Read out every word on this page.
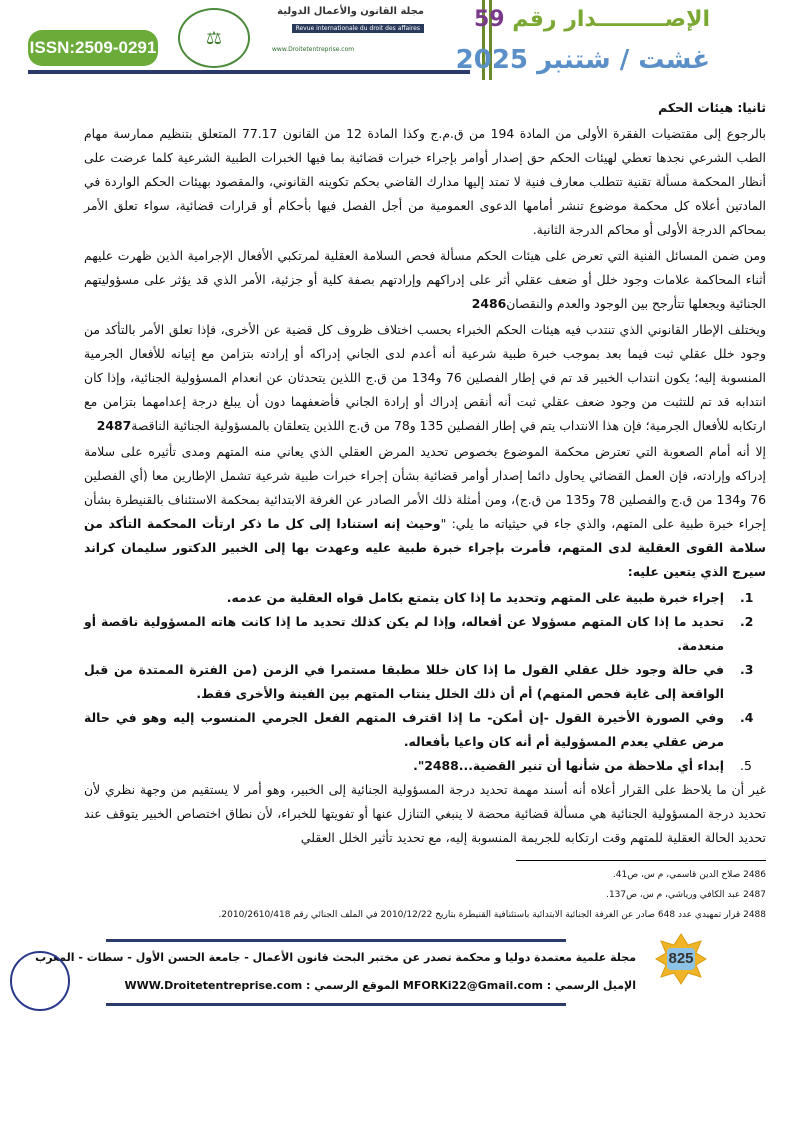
ISSN:2509-0291	⚖
مجلة القانون والأعمال الدولية
Revue internationale du droit des affaires
www.Droitetentreprise.com
الإصـــــــــدار رقم 59
غشت / شتنبر 2025
ثانيا: هيئات الحكم

بالرجوع إلى مقتضيات الفقرة الأولى من المادة 194 من ق.م.ج وكذا المادة 12 من القانون 77.17 المتعلق بتنظيم ممارسة مهام الطب الشرعي نجدها تعطي لهيئات الحكم حق إصدار أوامر بإجراء خبرات قضائية بما فيها الخبرات الطبية الشرعية كلما عرضت على أنظار المحكمة مسألة تقنية تتطلب معارف فنية لا تمتد إليها مدارك القاضي بحكم تكوينه القانوني، والمقصود بهيئات الحكم الواردة في المادتين أعلاه كل محكمة موضوع تنشر أمامها الدعوى العمومية من أجل الفصل فيها بأحكام أو قرارات قضائية، سواء تعلق الأمر بمحاكم الدرجة الأولى أو محاكم الدرجة الثانية.

ومن ضمن المسائل الفنية التي تعرض على هيئات الحكم مسألة فحص السلامة العقلية لمرتكبي الأفعال الإجرامية الذين ظهرت عليهم أثناء المحاكمة علامات وجود خلل أو ضعف عقلي أثر على إدراكهم وإرادتهم بصفة كلية أو جزئية، الأمر الذي قد يؤثر على مسؤوليتهم الجنائية ويجعلها تتأرجح بين الوجود والعدم والنقصان2486

ويختلف الإطار القانوني الذي تنتدب فيه هيئات الحكم الخبراء بحسب اختلاف ظروف كل قضية عن الأخرى، فإذا تعلق الأمر بالتأكد من وجود خلل عقلي ثبت فيما بعد بموجب خبرة طبية شرعية أنه أعدم لدى الجاني إدراكه أو إرادته بتزامن مع إتيانه للأفعال الجرمية المنسوبة إليه؛ يكون انتداب الخبير قد تم في إطار الفصلين 76 و134 من ق.ج اللذين يتحدثان عن انعدام المسؤولية الجنائية، وإذا كان انتدابه قد تم للتثبت من وجود ضعف عقلي ثبت أنه أنقص إدراك أو إرادة الجاني فأضعفهما دون أن يبلغ درجة إعدامهما بتزامن مع ارتكابه للأفعال الجرمية؛ فإن هذا الانتداب يتم في إطار الفصلين 135 و78 من ق.ج اللذين يتعلقان بالمسؤولية الجنائية الناقصة2487

إلا أنه أمام الصعوبة التي تعترض محكمة الموضوع بخصوص تحديد المرض العقلي الذي يعاني منه المتهم ومدى تأثيره على سلامة إدراكه وإرادته، فإن العمل القضائي يحاول دائما إصدار أوامر قضائية بشأن إجراء خبرات طبية شرعية تشمل الإطارين معا (أي الفصلين 76 و134 من ق.ج والفصلين 78 و135 من ق.ج)، ومن أمثلة ذلك الأمر الصادر عن الغرفة الابتدائية بمحكمة الاستئناف بالقنيطرة بشأن إجراء خبرة طبية على المتهم، والذي جاء في حيثياته ما يلي: "وحيث إنه استنادا إلى كل ما ذكر ارتأت المحكمة التأكد من سلامة القوى العقلية لدى المتهم، فأمرت بإجراء خبرة طبية عليه وعهدت بها إلى الخبير الدكتور سليمان كراند سيرج الذي يتعين عليه:

1.
إجراء خبرة طبية على المتهم وتحديد ما إذا كان يتمتع بكامل قواه العقلية من عدمه.
2.
تحديد ما إذا كان المتهم مسؤولا عن أفعاله، وإذا لم يكن كذلك تحديد ما إذا كانت هاته المسؤولية ناقصة أو منعدمة.
3.
في حالة وجود خلل عقلي القول ما إذا كان خللا مطبقا مستمرا في الزمن (من الفترة الممتدة من قبل الواقعة إلى غاية فحص المتهم) أم أن ذلك الخلل ينتاب المتهم بين الفينة والأخرى فقط.
4.
وفي الصورة الأخيرة القول -إن أمكن- ما إذا اقترف المتهم الفعل الجرمي المنسوب إليه وهو في حالة مرض عقلي يعدم المسؤولية أم أنه كان واعيا بأفعاله.
5.
إبداء أي ملاحظة من شأنها أن تنير القضية...2488".

غير أن ما يلاحظ على القرار أعلاه أنه أسند مهمة تحديد درجة المسؤولية الجنائية إلى الخبير، وهو أمر لا يستقيم من وجهة نظري لأن تحديد درجة المسؤولية الجنائية هي مسألة قضائية محضة لا ينبغي التنازل عنها أو تفويتها للخبراء، لأن نطاق اختصاص الخبير يتوقف عند تحديد الحالة العقلية للمتهم وقت ارتكابه للجريمة المنسوبة إليه، مع تحديد تأثير الخلل العقلي

2486 صلاح الدين قاسمي، م س، ص41.
2487 عبد الكافي ورياشي، م س، ص137.
2488 قرار تمهيدي عدد 648 صادر عن الغرفة الجنائية الابتدائية باستئنافية القنيطرة بتاريخ 2010/12/22 في الملف الجنائي رقم 2010/2610/418.
825
مجلة علمية معتمدة دوليا و محكمة تصدر عن مختبر البحث قانون الأعمال - جامعة الحسن الأول - سطات - المغرب
الإميل الرسمي : MFORKi22@Gmail.com الموقع الرسمي : WWW.Droitetentreprise.com
